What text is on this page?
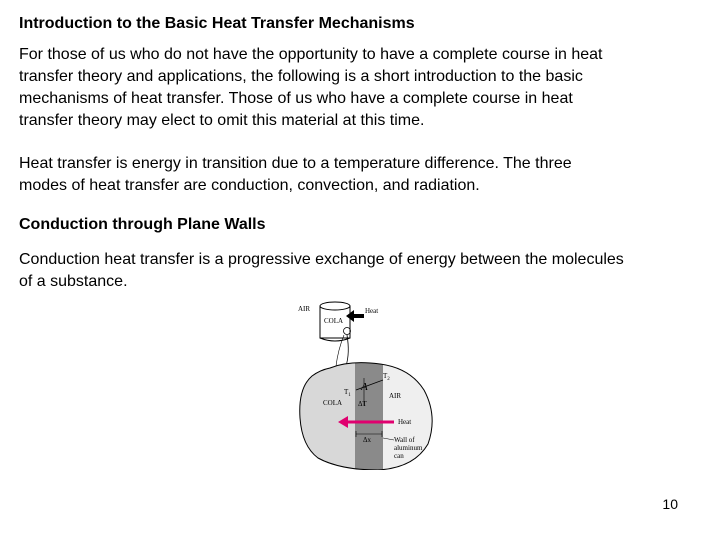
Introduction to the Basic Heat Transfer Mechanisms
For those of us who do not have the opportunity to have a complete course in heat
transfer theory and applications, the following is a short introduction to the basic
mechanisms of heat transfer. Those of us who have a complete course in heat
transfer theory may elect to omit this material at this time.
Heat transfer is energy in transition due to a temperature difference. The three
modes of heat transfer are conduction, convection, and radiation.
Conduction through Plane Walls
Conduction heat transfer is a progressive exchange of energy between the molecules
of a substance.
AIR	Heat
COLA
$T_2$
$T_1$
A
ΔT
COLA
AIR
Heat
Δx	Wall of
aluminum
can
10
